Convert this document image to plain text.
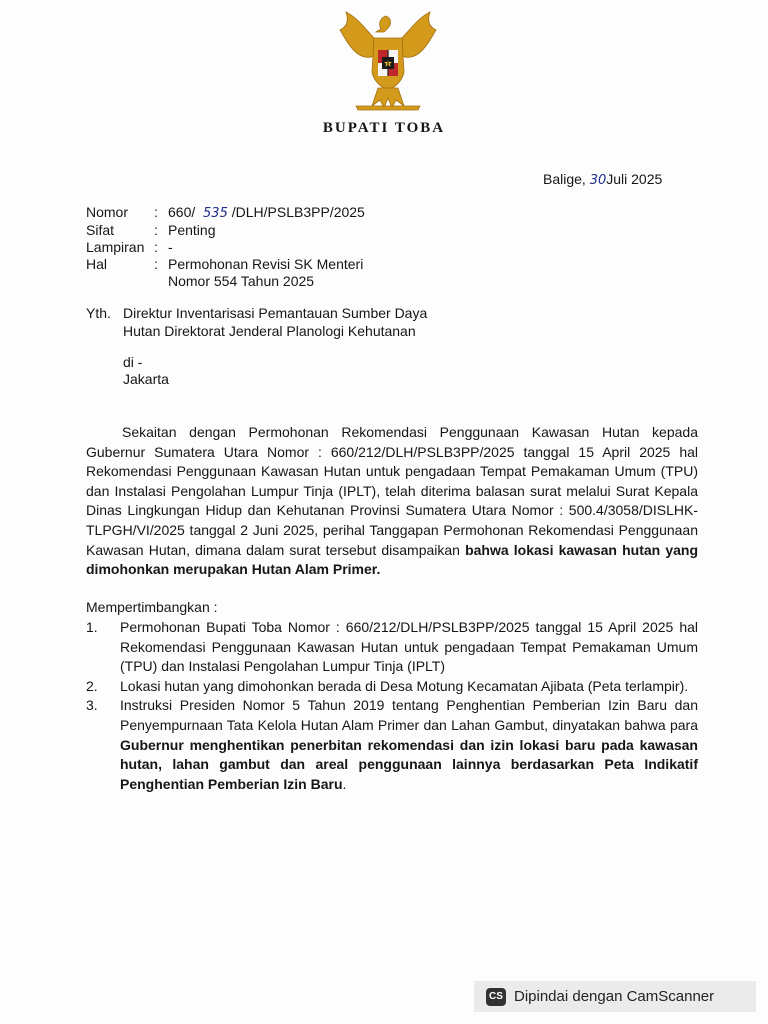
BUPATI TOBA
Balige, 30Juli 2025
Nomor	: 660/ 535 /DLH/PSLB3PP/2025
Sifat	: Penting
Lampiran : -
Hal	: Permohonan Revisi SK Menteri
Nomor 554 Tahun 2025
Yth. Direktur Inventarisasi Pemantauan Sumber Daya
Hutan Direktorat Jenderal Planologi Kehutanan
di -
Jakarta

Sekaitan dengan Permohonan Rekomendasi Penggunaan Kawasan Hutan kepada Gubernur Sumatera Utara Nomor : 660/212/DLH/PSLB3PP/2025 tanggal 15 April 2025 hal Rekomendasi Penggunaan Kawasan Hutan untuk pengadaan Tempat Pemakaman Umum (TPU) dan Instalasi Pengolahan Lumpur Tinja (IPLT), telah diterima balasan surat melalui Surat Kepala Dinas Lingkungan Hidup dan Kehutanan Provinsi Sumatera Utara Nomor : 500.4/3058/DISLHK-TLPGH/VI/2025 tanggal 2 Juni 2025, perihal Tanggapan Permohonan Rekomendasi Penggunaan Kawasan Hutan, dimana dalam surat tersebut disampaikan bahwa lokasi kawasan hutan yang dimohonkan merupakan Hutan Alam Primer.

Mempertimbangkan :
1.	Permohonan Bupati Toba Nomor : 660/212/DLH/PSLB3PP/2025 tanggal 15 April 2025 hal Rekomendasi Penggunaan Kawasan Hutan untuk pengadaan Tempat Pemakaman Umum (TPU) dan Instalasi Pengolahan Lumpur Tinja (IPLT)
2.	Lokasi hutan yang dimohonkan berada di Desa Motung Kecamatan Ajibata (Peta terlampir).
3.	Instruksi Presiden Nomor 5 Tahun 2019 tentang Penghentian Pemberian Izin Baru dan Penyempurnaan Tata Kelola Hutan Alam Primer dan Lahan Gambut, dinyatakan bahwa para Gubernur menghentikan penerbitan rekomendasi dan izin lokasi baru pada kawasan hutan, lahan gambut dan areal penggunaan lainnya berdasarkan Peta Indikatif Penghentian Pemberian Izin Baru.
CS Dipindai dengan CamScanner
